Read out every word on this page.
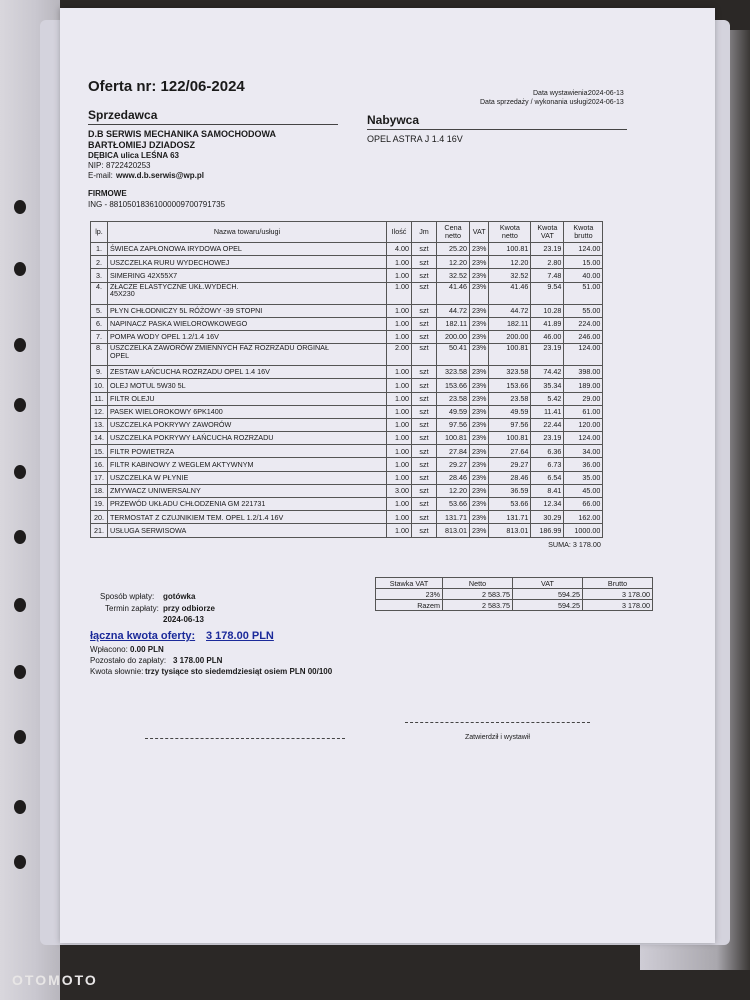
Oferta nr: 122/06-2024	Data wystawienia:
2024-06-13
Data sprzedaży / wykonania usługi:
2024-06-13
Sprzedawca
D.B SERWIS MECHANIKA SAMOCHODOWA
BARTŁOMIEJ DZIADOSZ
DĘBICA ulica LEŚNA 63
NIP: 8722420253
E-mail: www.d.b.serwis@wp.pl
FIRMOWE
ING - 88105018361000009700791735
Nabywca
OPEL ASTRA J 1.4 16V
lp.	Nazwa towaru/usługi	Ilość	Jm	Cena netto	VAT	Kwota netto	Kwota VAT	Kwota brutto
1.	ŚWIECA ZAPŁONOWA IRYDOWA OPEL	4.00	szt	25.20	23%	100.81	23.19	124.00
2.	USZCZELKA RURU WYDECHOWEJ	1.00	szt	12.20	23%	12.20	2.80	15.00
3.	SIMERING 42X55X7	1.00	szt	32.52	23%	32.52	7.48	40.00
4.	ZŁACZE ELASTYCZNE UKŁ.WYDECH.
45X230	1.00	szt	41.46	23%	41.46	9.54	51.00
5.	PŁYN CHŁODNICZY 5L RÓŻOWY -39 STOPNI	1.00	szt	44.72	23%	44.72	10.28	55.00
6.	NAPINACZ PASKA WIELOROWKOWEGO	1.00	szt	182.11	23%	182.11	41.89	224.00
7.	POMPA WODY OPEL 1.2/1.4 16V	1.00	szt	200.00	23%	200.00	46.00	246.00
8.	USZCZELKA ZAWORÓW ZMIENNYCH FAZ ROZRZADU ORGINAŁ
OPEL	2.00	szt	50.41	23%	100.81	23.19	124.00
9.	ZESTAW ŁAŃCUCHA ROZRZADU OPEL 1.4 16V	1.00	szt	323.58	23%	323.58	74.42	398.00
10.	OLEJ MOTUL 5W30 5L	1.00	szt	153.66	23%	153.66	35.34	189.00
11.	FILTR OLEJU	1.00	szt	23.58	23%	23.58	5.42	29.00
12.	PASEK WIELOROKOWY 6PK1400	1.00	szt	49.59	23%	49.59	11.41	61.00
13.	USZCZELKA POKRYWY ZAWORÓW	1.00	szt	97.56	23%	97.56	22.44	120.00
14.	USZCZELKA POKRYWY ŁAŃCUCHA ROZRZADU	1.00	szt	100.81	23%	100.81	23.19	124.00
15.	FILTR POWIETRZA	1.00	szt	27.84	23%	27.64	6.36	34.00
16.	FILTR KABINOWY Z WEGLEM AKTYWNYM	1.00	szt	29.27	23%	29.27	6.73	36.00
17.	USZCZELKA W PŁYNIE	1.00	szt	28.46	23%	28.46	6.54	35.00
18.	ZMYWACZ UNIWERSALNY	3.00	szt	12.20	23%	36.59	8.41	45.00
19.	PRZEWÓD UKŁADU CHŁODZENIA GM 221731	1.00	szt	53.66	23%	53.66	12.34	66.00
20.	TERMOSTAT Z CZUJNIKIEM TEM. OPEL 1.2/1.4 16V	1.00	szt	131.71	23%	131.71	30.29	162.00
21.	USŁUGA SERWISOWA	1.00	szt	813.01	23%	813.01	186.99	1000.00
SUMA: 3 178.00								
Stawka VAT	Netto	VAT	Brutto
23%	2 583.75	594.25	3 178.00
Razem	2 583.75	594.25	3 178.00
Sposób wpłaty: gotówka
Termin zapłaty: przy odbiorze
2024-06-13
łączna kwota oferty: 3 178.00 PLN
Wpłacono: 0.00 PLN
Pozostało do zapłaty: 3 178.00 PLN
Kwota słownie: trzy tysiące sto siedemdziesiąt osiem PLN 00/100
Zatwierdził i wystawił
OTOMOTO
